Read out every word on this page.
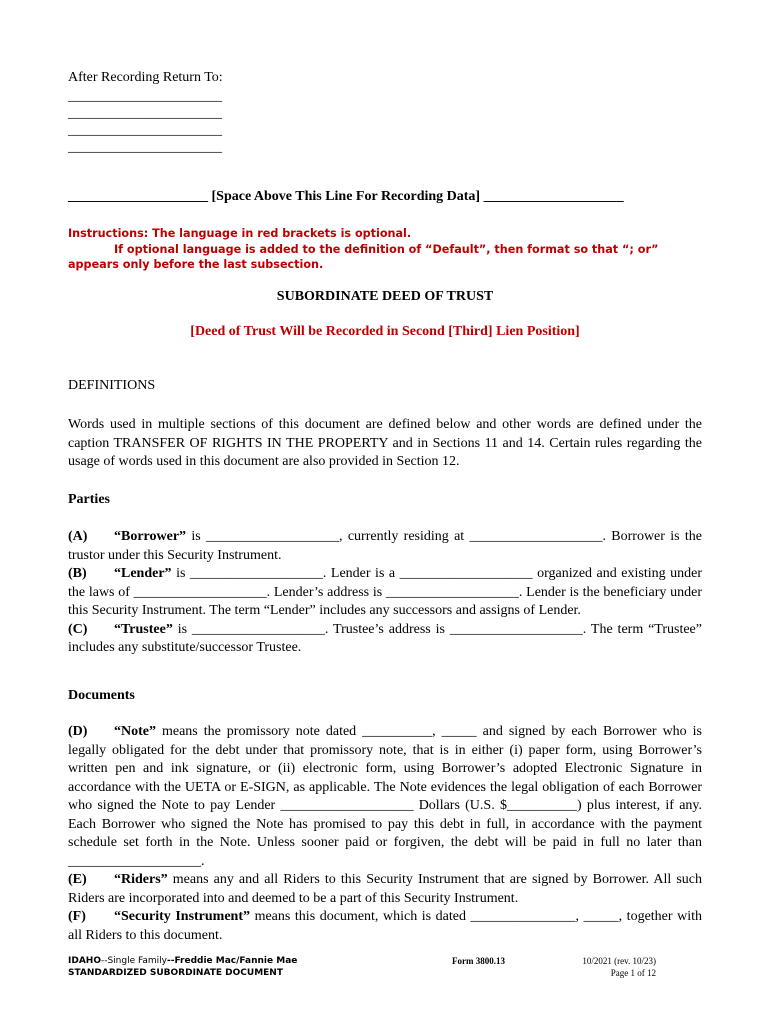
After Recording Return To:
______________________
______________________
______________________
______________________
____________________ [Space Above This Line For Recording Data] ____________________
Instructions: The language in red brackets is optional.
If optional language is added to the definition of “Default”, then format so that “; or” appears only before the last subsection.
SUBORDINATE DEED OF TRUST
[Deed of Trust Will be Recorded in Second [Third] Lien Position]
DEFINITIONS
Words used in multiple sections of this document are defined below and other words are defined under the caption TRANSFER OF RIGHTS IN THE PROPERTY and in Sections 11 and 14. Certain rules regarding the usage of words used in this document are also provided in Section 12.
Parties

(A) “Borrower” is ___________________, currently residing at ___________________. Borrower is the trustor under this Security Instrument.

(B) “Lender” is ___________________. Lender is a ___________________ organized and existing under the laws of ___________________. Lender’s address is ___________________. Lender is the beneficiary under this Security Instrument. The term “Lender” includes any successors and assigns of Lender.

(C) “Trustee” is ___________________. Trustee’s address is ___________________. The term “Trustee” includes any substitute/successor Trustee.

Documents

(D) “Note” means the promissory note dated __________, _____ and signed by each Borrower who is legally obligated for the debt under that promissory note, that is in either (i) paper form, using Borrower’s written pen and ink signature, or (ii) electronic form, using Borrower’s adopted Electronic Signature in accordance with the UETA or E-SIGN, as applicable. The Note evidences the legal obligation of each Borrower who signed the Note to pay Lender ___________________ Dollars (U.S. $__________) plus interest, if any. Each Borrower who signed the Note has promised to pay this debt in full, in accordance with the payment schedule set forth in the Note. Unless sooner paid or forgiven, the debt will be paid in full no later than ___________________.

(E) “Riders” means any and all Riders to this Security Instrument that are signed by Borrower. All such Riders are incorporated into and deemed to be a part of this Security Instrument.

(F) “Security Instrument” means this document, which is dated _______________, _____, together with all Riders to this document.

IDAHO--Single Family--Freddie Mac/Fannie Mae
STANDARDIZED SUBORDINATE DOCUMENT
Form 3800.13	10/2021 (rev. 10/23)
Page 1 of 12
